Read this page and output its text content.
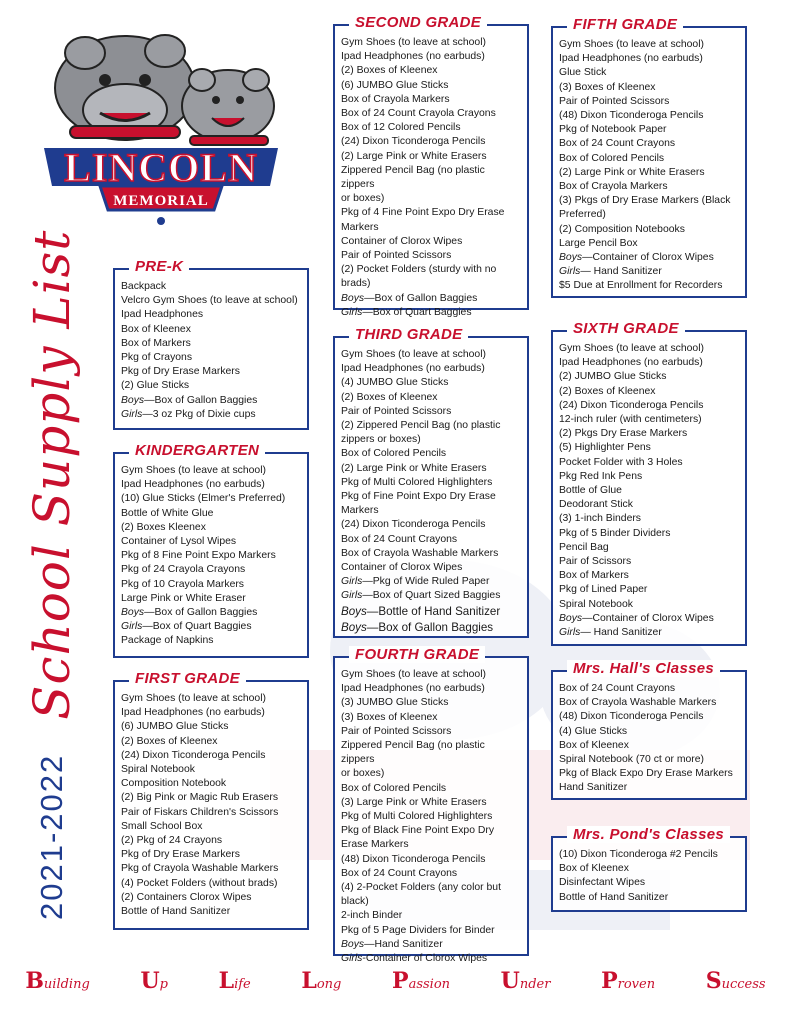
LINCOLN
MEMORIAL
2021-2022
School Supply List	PRE-K
Backpack
Velcro Gym Shoes (to leave at school)
Ipad Headphones
Box of Kleenex
Box of Markers
Pkg of Crayons
Pkg of Dry Erase Markers
(2) Glue Sticks
Boys—Box of Gallon Baggies
Girls—3 oz Pkg of Dixie cups
KINDERGARTEN
Gym Shoes (to leave at school)
Ipad Headphones (no earbuds)
(10) Glue Sticks (Elmer's Preferred)
Bottle of White Glue
(2) Boxes Kleenex
Container of Lysol Wipes
Pkg of 8 Fine Point Expo Markers
Pkg of 24 Crayola Crayons
Pkg of 10 Crayola Markers
Large Pink or White Eraser
Boys—Box of Gallon Baggies
Girls—Box of Quart Baggies
Package of Napkins
FIRST GRADE
Gym Shoes (to leave at school)
Ipad Headphones (no earbuds)
(6) JUMBO Glue Sticks
(2) Boxes of Kleenex
(24) Dixon Ticonderoga Pencils
Spiral Notebook
Composition Notebook
(2) Big Pink or Magic Rub Erasers
Pair of Fiskars Children's Scissors
Small School Box
(2) Pkg of 24 Crayons
Pkg of Dry Erase Markers
Pkg of Crayola Washable Markers
(4) Pocket Folders (without brads)
(2) Containers Clorox Wipes
Bottle of Hand Sanitizer
SECOND GRADE
Gym Shoes (to leave at school)
Ipad Headphones (no earbuds)
(2) Boxes of Kleenex
(6) JUMBO Glue Sticks
Box of Crayola Markers
Box of 24 Count Crayola Crayons
Box of 12 Colored Pencils
(24) Dixon Ticonderoga Pencils
(2) Large Pink or White Erasers
Zippered Pencil Bag (no plastic zippers
or boxes)
Pkg of 4 Fine Point Expo Dry Erase
Markers
Container of Clorox Wipes
Pair of Pointed Scissors
(2) Pocket Folders (sturdy with no
brads)
Boys—Box of Gallon Baggies
Girls—Box of Quart Baggies
THIRD GRADE
Gym Shoes (to leave at school)
Ipad Headphones (no earbuds)
(4) JUMBO Glue Sticks
(2) Boxes of Kleenex
Pair of Pointed Scissors
(2) Zippered Pencil Bag (no plastic
zippers or boxes)
Box of Colored Pencils
(2) Large Pink or White Erasers
Pkg of Multi Colored Highlighters
Pkg of Fine Point Expo Dry Erase
Markers
(24) Dixon Ticonderoga Pencils
Box of 24 Count Crayons
Box of Crayola Washable Markers
Container of Clorox Wipes
Girls—Pkg of Wide Ruled Paper
Girls—Box of Quart Sized Baggies
Boys—Bottle of Hand Sanitizer
Boys—Box of Gallon Baggies
FOURTH GRADE
Gym Shoes (to leave at school)
Ipad Headphones (no earbuds)
(3) JUMBO Glue Sticks
(3) Boxes of Kleenex
Pair of Pointed Scissors
Zippered Pencil Bag (no plastic zippers
or boxes)
Box of Colored Pencils
(3) Large Pink or White Erasers
Pkg of Multi Colored Highlighters
Pkg of Black Fine Point Expo Dry
Erase Markers
(48) Dixon Ticonderoga Pencils
Box of 24 Count Crayons
(4) 2-Pocket Folders (any color but
black)
2-inch Binder
Pkg of 5 Page Dividers for Binder
Boys—Hand Sanitizer
Girls-Container of Clorox Wipes
FIFTH GRADE
Gym Shoes (to leave at school)
Ipad Headphones (no earbuds)
Glue Stick
(3) Boxes of Kleenex
Pair of Pointed Scissors
(48) Dixon Ticonderoga Pencils
Pkg of Notebook Paper
Box of 24 Count Crayons
Box of Colored Pencils
(2) Large Pink or White Erasers
Box of Crayola Markers
(3) Pkgs of Dry Erase Markers (Black
Preferred)
(2) Composition Notebooks
Large Pencil Box
Boys—Container of Clorox Wipes
Girls— Hand Sanitizer
$5 Due at Enrollment for Recorders
SIXTH GRADE
Gym Shoes (to leave at school)
Ipad Headphones (no earbuds)
(2) JUMBO Glue Sticks
(2) Boxes of Kleenex
(24) Dixon Ticonderoga Pencils
12-inch ruler (with centimeters)
(2) Pkgs Dry Erase Markers
(5) Highlighter Pens
Pocket Folder with 3 Holes
Pkg Red Ink Pens
Bottle of Glue
Deodorant Stick
(3) 1-inch Binders
Pkg of 5 Binder Dividers
Pencil Bag
Pair of Scissors
Box of Markers
Pkg of Lined Paper
Spiral Notebook
Boys—Container of Clorox Wipes
Girls— Hand Sanitizer
Mrs. Hall's Classes
Box of 24 Count Crayons
Box of Crayola Washable Markers
(48) Dixon Ticonderoga Pencils
(4) Glue Sticks
Box of Kleenex
Spiral Notebook (70 ct or more)
Pkg of Black Expo Dry Erase Markers
Hand Sanitizer
Mrs. Pond's Classes
(10) Dixon Ticonderoga #2 Pencils
Box of Kleenex
Disinfectant Wipes
Bottle of Hand Sanitizer
Building Up Life Long Passion Under Proven Success
